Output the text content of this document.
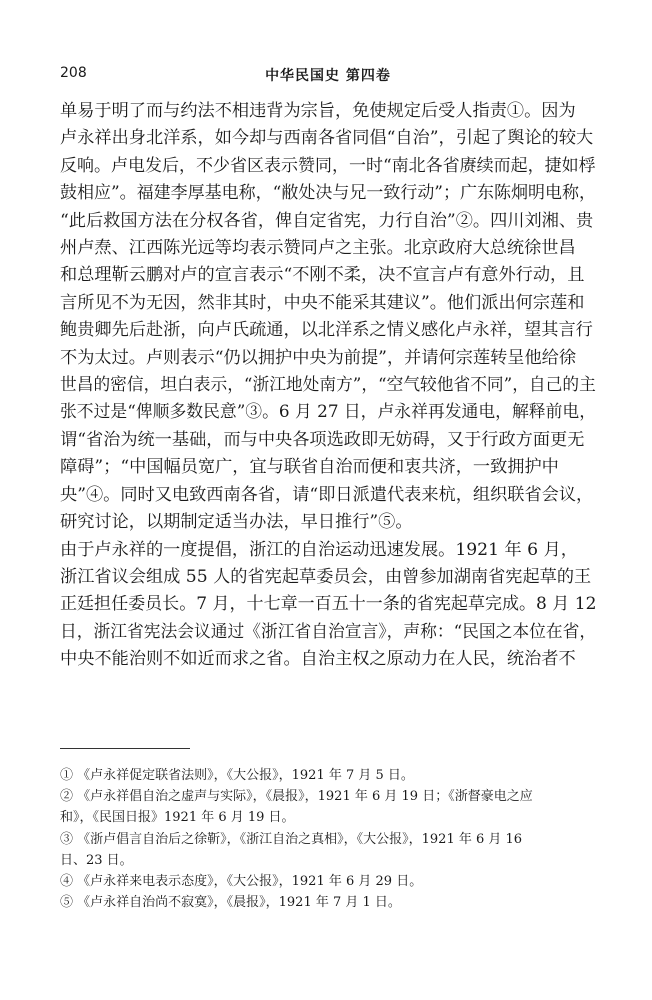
208	中华民国史 第四卷

单易于明了而与约法不相违背为宗旨，免使规定后受人指责①。因为

卢永祥出身北洋系，如今却与西南各省同倡“自治”，引起了舆论的较大

反响。卢电发后，不少省区表示赞同，一时“南北各省赓续而起，捷如桴

鼓相应”。福建李厚基电称，“敝处决与兄一致行动”；广东陈炯明电称，

“此后救国方法在分权各省，俾自定省宪，力行自治”②。四川刘湘、贵

州卢焘、江西陈光远等均表示赞同卢之主张。北京政府大总统徐世昌

和总理靳云鹏对卢的宣言表示“不刚不柔，决不宣言卢有意外行动，且

言所见不为无因，然非其时，中央不能采其建议”。他们派出何宗莲和

鲍贵卿先后赴浙，向卢氏疏通，以北洋系之情义感化卢永祥，望其言行

不为太过。卢则表示“仍以拥护中央为前提”，并请何宗莲转呈他给徐

世昌的密信，坦白表示，“浙江地处南方”，“空气较他省不同”，自己的主

张不过是“俾顺多数民意”③。6 月 27 日，卢永祥再发通电，解释前电，

谓“省治为统一基础，而与中央各项选政即无妨碍，又于行政方面更无

障碍”；“中国幅员宽广，宜与联省自治而便和衷共济，一致拥护中

央”④。同时又电致西南各省，请“即日派遣代表来杭，组织联省会议，

研究讨论，以期制定适当办法，早日推行”⑤。

由于卢永祥的一度提倡，浙江的自治运动迅速发展。1921 年 6 月，

浙江省议会组成 55 人的省宪起草委员会，由曾参加湖南省宪起草的王

正廷担任委员长。7 月，十七章一百五十一条的省宪起草完成。8 月 12

日，浙江省宪法会议通过《浙江省自治宣言》，声称：“民国之本位在省，

中央不能治则不如近而求之省。自治主权之原动力在人民，统治者不

① 《卢永祥促定联省法则》，《大公报》，1921 年 7 月 5 日。

② 《卢永祥倡自治之虚声与实际》，《晨报》，1921 年 6 月 19 日；《浙督豪电之应

和》，《民国日报》1921 年 6 月 19 日。

③ 《浙卢倡言自治后之徐靳》，《浙江自治之真相》，《大公报》，1921 年 6 月 16

日、23 日。

④ 《卢永祥来电表示态度》，《大公报》，1921 年 6 月 29 日。

⑤ 《卢永祥自治尚不寂寞》，《晨报》，1921 年 7 月 1 日。
